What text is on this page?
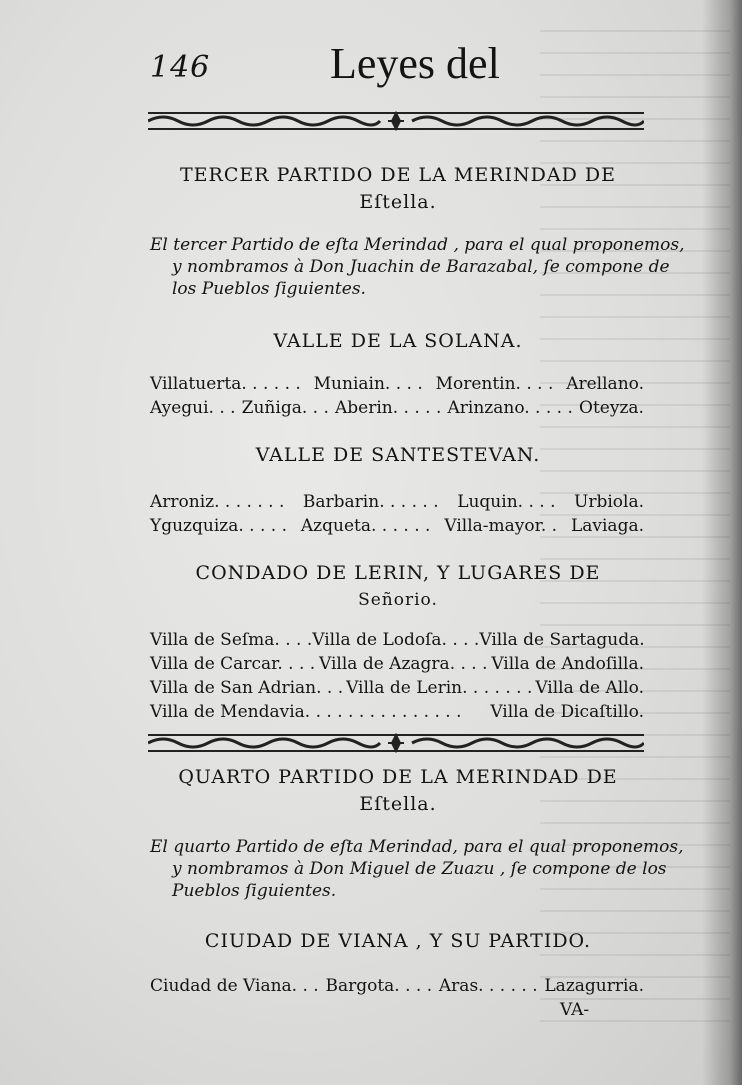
146	Leyes del
TERCER PARTIDO DE LA MERINDAD DE
Eſtella.
El tercer Partido de eſta Merindad , para el qual proponemos,
y nombramos à Don Juachin de Barazabal, ſe compone de
los Pueblos ſiguientes.
VALLE DE LA SOLANA.
Villatuerta. . . . . . Muniain. . . . Morentin. . . . Arellano.
Ayegui. . . Zuñiga. . . Aberin. . . . . Arinzano. . . . . Oteyza.
VALLE DE SANTESTEVAN.
Arroniz. . . . . . . Barbarin. . . . . . Luquin. . . . Urbiola.
Yguzquiza. . . . . Azqueta. . . . . . Villa-mayor. . Laviaga.
CONDADO DE LERIN, Y LUGARES DE
Señorio.
Villa de Seſma. . . . Villa de Lodoſa. . . . Villa de Sartaguda.
Villa de Carcar. . . . Villa de Azagra. . . . Villa de Andoſilla.
Villa de San Adrian. . . Villa de Lerin. . . . . . . Villa de Allo.
Villa de Mendavia. . . . . . . . . . . . . . . Villa de Dicaſtillo.
QUARTO PARTIDO DE LA MERINDAD DE
Eſtella.
El quarto Partido de eſta Merindad, para el qual proponemos,
y nombramos à Don Miguel de Zuazu , ſe compone de los
Pueblos ſiguientes.
CIUDAD DE VIANA , Y SU PARTIDO.
Ciudad de Viana. . . Bargota. . . . Aras. . . . . . Lazagurria.
VA-
